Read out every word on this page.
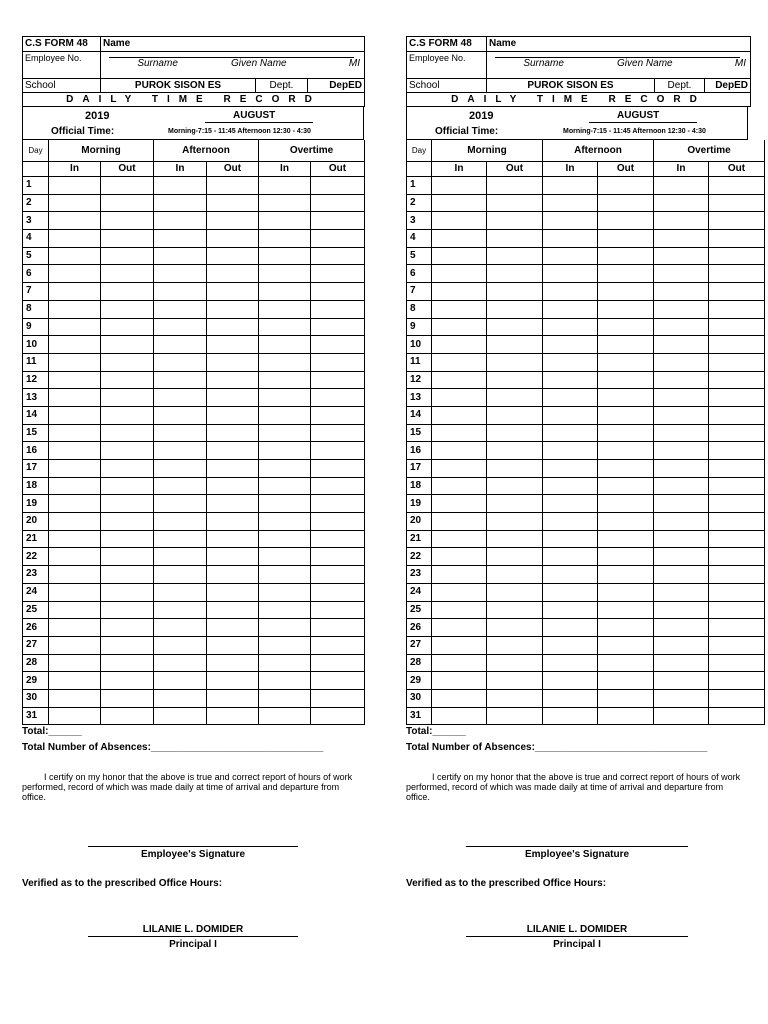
C.S FORM 48	Name		
Employee No.	Surname Given Name MI		

School	PUROK SISON ES	Dept.	DepED
DAILY TIME RECORD			
2019	AUGUST
Official Time:	Morning-7:15 - 11:45 Afternoon 12:30 - 4:30
Day	Morning		Afternoon		Overtime	
	In	Out	In	Out	In	Out
1						
2						
3						
4						
5						
6						
7						
8						
9						
10						
11						
12						
13						
14						
15						
16						
17						
18						
19						
20						
21						
22						
23						
24						
25						
26						
27						
28						
29						
30						
31						
Total:______
Total Number of Absences:_______________________________
I certify on my honor that the above is true and correct report of hours of work performed, record of which was made daily at time of arrival and departure from office.
Employee's Signature
Verified as to the prescribed Office Hours:
LILANIE L. DOMIDER
Principal I
C.S FORM 48	Name		
Employee No.	Surname Given Name MI		

School	PUROK SISON ES	Dept.	DepED
DAILY TIME RECORD			
2019	AUGUST
Official Time:	Morning-7:15 - 11:45 Afternoon 12:30 - 4:30
Day	Morning		Afternoon		Overtime	
	In	Out	In	Out	In	Out
1						
2						
3						
4						
5						
6						
7						
8						
9						
10						
11						
12						
13						
14						
15						
16						
17						
18						
19						
20						
21						
22						
23						
24						
25						
26						
27						
28						
29						
30						
31						
Total:______
Total Number of Absences:_______________________________
I certify on my honor that the above is true and correct report of hours of work performed, record of which was made daily at time of arrival and departure from office.
Employee's Signature
Verified as to the prescribed Office Hours:
LILANIE L. DOMIDER
Principal I
